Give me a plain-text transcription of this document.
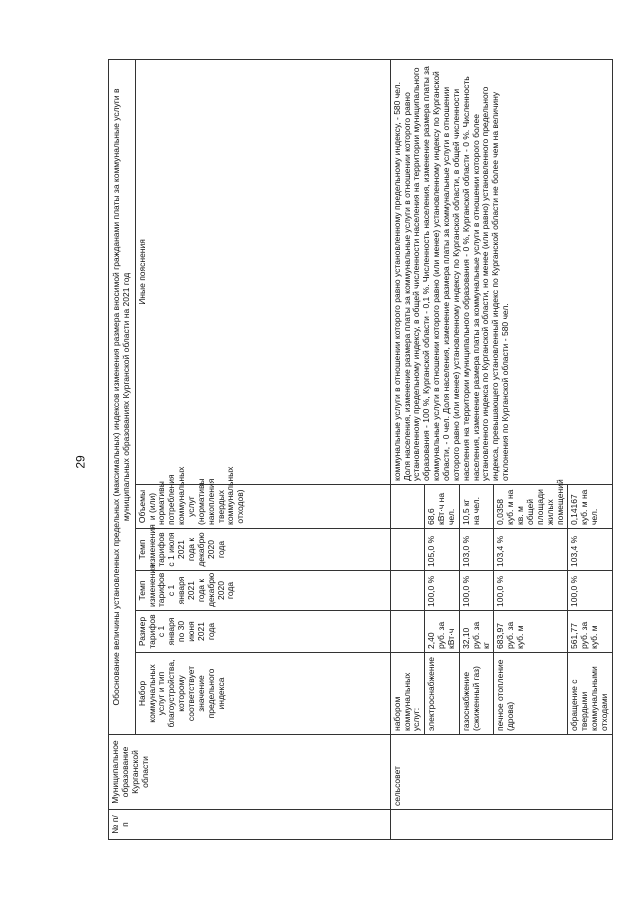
29
№ п/п	Муниципальное образование Курганской области	Обоснование величины установленных предельных (максимальных) индексов изменения размера вносимой гражданами платы за коммунальные услуги в муниципальных образованиях Курганской области на 2021 год					
		Набор коммунальных услуг и тип благоустройства, которому соответствует значение предельного индекса	Размер тарифов с 1 января по 30 июня 2021 года	Темп изменения тарифов с 1 января 2021 года к декабрю 2020 года	Темп изменения тарифов с 1 июля 2021 года к декабрю 2020 года	Объемы и (или) нормативы потребления коммунальных услуг (нормативы накопления твердых коммунальных отходов)	Иные пояснения
	сельсовет	набором коммунальных услуг:					коммунальные услуги в отношении которого равно установленному предельному индексу, - 580 чел. Доля населения, изменение размера платы за коммунальные услуги в отношении которого равно установленному предельному индексу, в общей численности населения на территории муниципального образования - 100 %, Курганской области - 0,1 %. Численность населения, изменение размера платы за коммунальные услуги в отношении которого равно (или менее) установленному индексу по Курганской области, - 0 чел. Доля населения, изменение размера платы за коммунальные услуги в отношении которого равно (или менее) установленному индексу по Курганской области, в общей численности населения на территории муниципального образования - 0 %, Курганской области - 0 %. Численность населения, изменение размера платы за коммунальные услуги в отношении которого более установленного индекса по Курганской области, но менее (или равно) установленного предельного индекса, превышающего установленный индекс по Курганской области не более чем на величину отклонения по Курганской области - 580 чел.
		электроснабжение	2,40 руб. за кВт·ч	100,0 %	105,0 %	68,6 кВт·ч на чел.	
		газоснабжение (сжиженный газ)	32,10 руб. за кг	100,0 %	103,0 %	10,5 кг на чел.	
		печное отопление (дрова)	683,97 руб. за куб. м	100,0 %	103,4 %	0,0358 куб. м на кв. м общей площади жилых помещений	
		обращение с твердыми коммунальными отходами	561,77 руб. за куб. м	100,0 %	103,4 %	0,14167 куб. м на чел.	
